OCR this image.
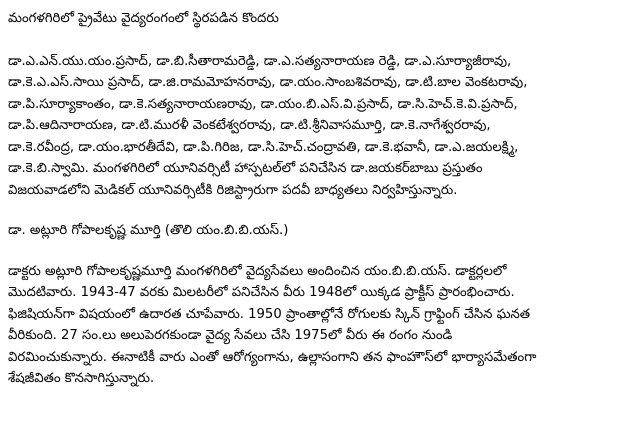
మంగళగిరిలో ప్రైవేటు వైద్యరంగంలో స్థిరపడిన కొందరు
డా.ఎ.ఎన్.యు.యం.ప్రసాద్, డా.బి.సీతారామరెడ్డి, డా.ఎ.సత్యనారాయణ రెడ్డి, డా.ఎ.సూర్యాజీరావు,
డా.కె.ఎ.ఎస్.సాయి ప్రసాద్, డా.జి.రామమోహనరావు, డా.యం.సాంబశివరావు, డా.టి.బాల వెంకటరావు,
డా.పి.సూర్యాకాంతం, డా.కె.సత్యనారాయణరావు, డా.యం.బి.ఎస్.వి.ప్రసాద్, డా.సి.హెచ్.కె.వి.ప్రసాద్,
డా.పి.ఆదినారాయణ, డా.టి.మురళీ వెంకటేశ్వరరావు, డా.టి.శ్రీనివాసమూర్తి, డా.కె.నాగేశ్వరరావు,
డా.కె.రవీంద్ర, డా.యం.భారతీదేవి, డా.పి.గిరిజ, డా.సి.హెచ్.చంద్రావతి, డా.కె.భవానీ, డా.ఎ.జయలక్ష్మి,
డా.కె.బి.స్వామి. మంగళగిరిలో యూనివర్సిటీ హాస్పటల్‌లో పనిచేసిన డా.జయకర్‌బాబు ప్రస్తుతం
విజయవాడలోని మెడికల్ యూనివర్సిటీకి రిజిస్ట్రారుగా పదవీ బాధ్యతలు నిర్వహిస్తున్నారు.
డా. అట్లూరి గోపాలకృష్ణ మూర్తి (తొలి యం.బి.బి.యస్.)
డాక్టరు అట్లూరి గోపాలకృష్ణమూర్తి మంగళగిరిలో వైద్యసేవలు అందించిన యం.బి.బి.యస్. డాక్టర్లలలో
మొదటివారు. 1943-47 వరకు మిలటరీలో పనిచేసిన వీరు 1948లో యిక్కడ ప్రాక్టీస్ ప్రారంభించారు.
ఫిజిషియన్‌గా విషయంలో ఉదారత చూపేవారు. 1950 ప్రాంతాల్లోనే రోగులకు స్కిన్ గ్రాఫ్టింగ్ చేసిన ఘనత
వీరికుంది. 27 సం.లు అలుపెరగకుండా వైద్య సేవలు చేసి 1975లో వీరు ఈ రంగం నుండి
విరమించుకున్నారు. ఈనాటికీ వారు ఎంతో ఆరోగ్యంగాను, ఉల్లాసంగాని తన ఫాంహౌస్‌లో భార్యాసమేతంగా
శేషజీవితం కొనసాగిస్తున్నారు.
